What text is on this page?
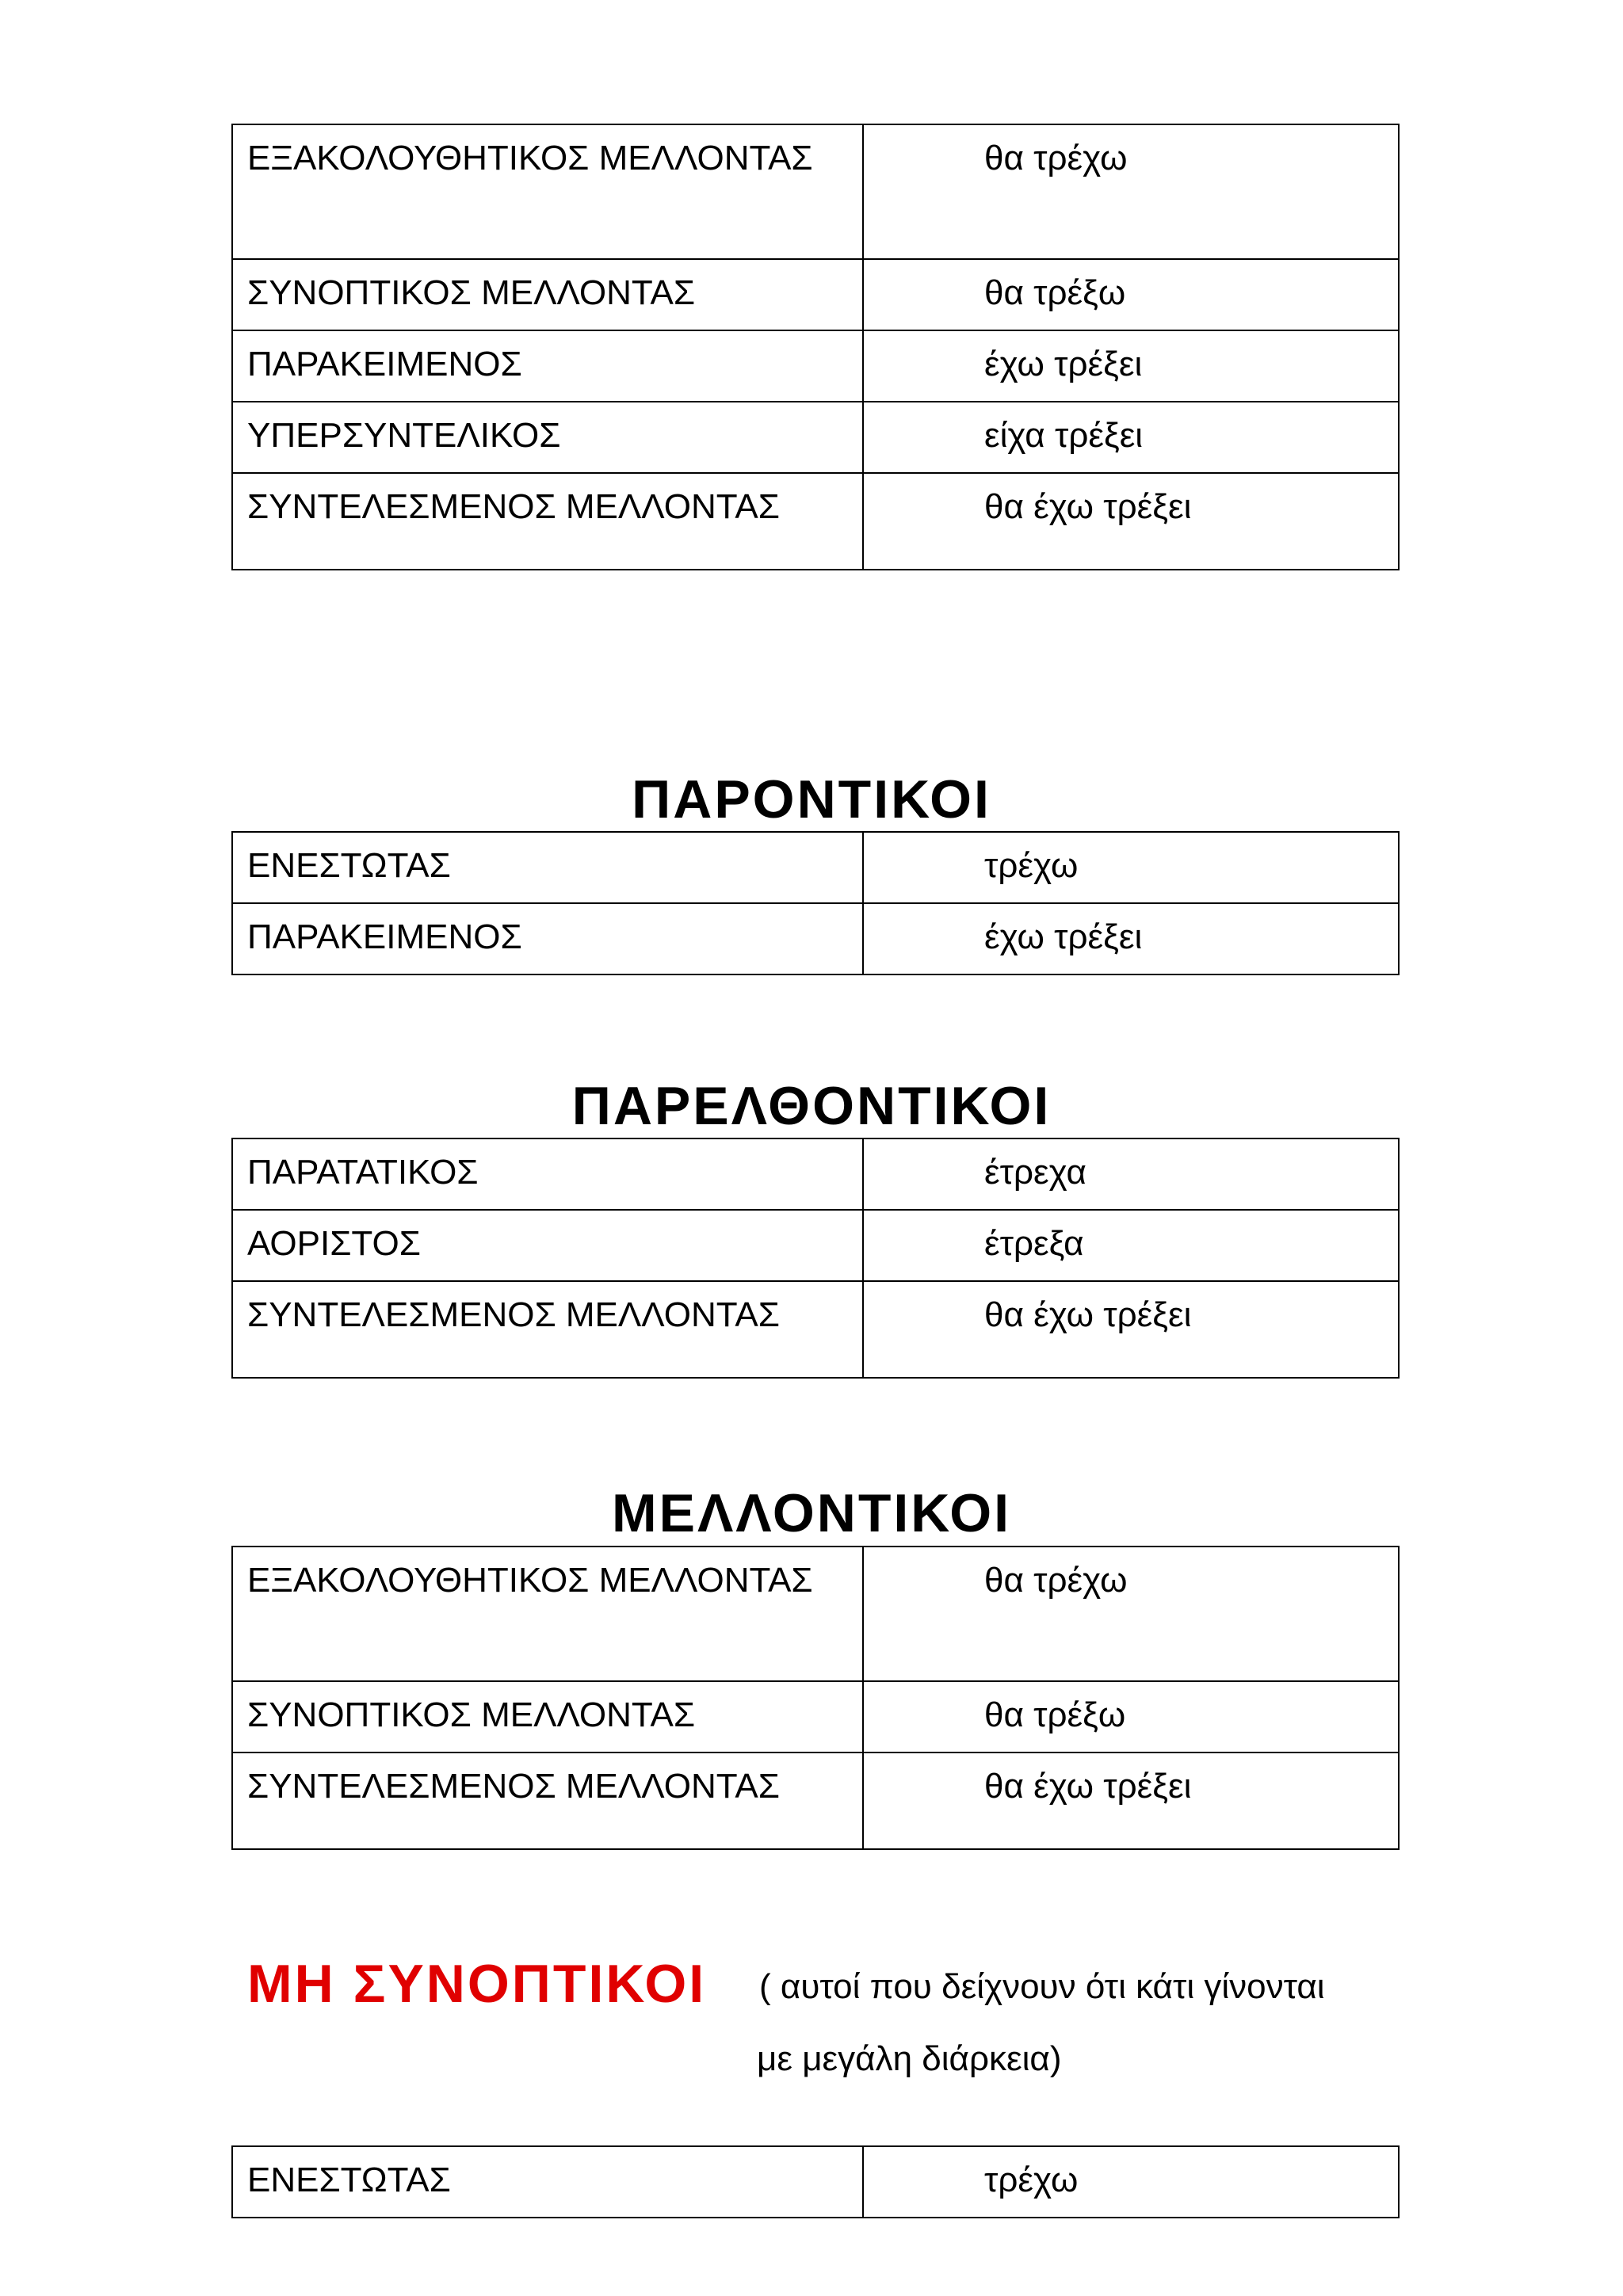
ΕΞΑΚΟΛΟΥΘΗΤΙΚΟΣ ΜΕΛΛΟΝΤΑΣ	θα τρέχω
ΣΥΝΟΠΤΙΚΟΣ ΜΕΛΛΟΝΤΑΣ	θα τρέξω
ΠΑΡΑΚΕΙΜΕΝΟΣ	έχω τρέξει
ΥΠΕΡΣΥΝΤΕΛΙΚΟΣ	είχα τρέξει
ΣΥΝΤΕΛΕΣΜΕΝΟΣ ΜΕΛΛΟΝΤΑΣ	θα έχω τρέξει
ΠΑΡΟΝΤΙΚΟΙ
ΕΝΕΣΤΩΤΑΣ	τρέχω
ΠΑΡΑΚΕΙΜΕΝΟΣ	έχω τρέξει
ΠΑΡΕΛΘΟΝΤΙΚΟΙ
ΠΑΡΑΤΑΤΙΚΟΣ	έτρεχα
ΑΟΡΙΣΤΟΣ	έτρεξα
ΣΥΝΤΕΛΕΣΜΕΝΟΣ ΜΕΛΛΟΝΤΑΣ	θα έχω τρέξει
ΜΕΛΛΟΝΤΙΚΟΙ
ΕΞΑΚΟΛΟΥΘΗΤΙΚΟΣ ΜΕΛΛΟΝΤΑΣ	θα τρέχω
ΣΥΝΟΠΤΙΚΟΣ ΜΕΛΛΟΝΤΑΣ	θα τρέξω
ΣΥΝΤΕΛΕΣΜΕΝΟΣ ΜΕΛΛΟΝΤΑΣ	θα έχω τρέξει
ΜΗ ΣΥΝΟΠΤΙΚΟΙ ( αυτοί που δείχνουν ότι κάτι γίνονται
με μεγάλη διάρκεια)
ΕΝΕΣΤΩΤΑΣ	τρέχω
